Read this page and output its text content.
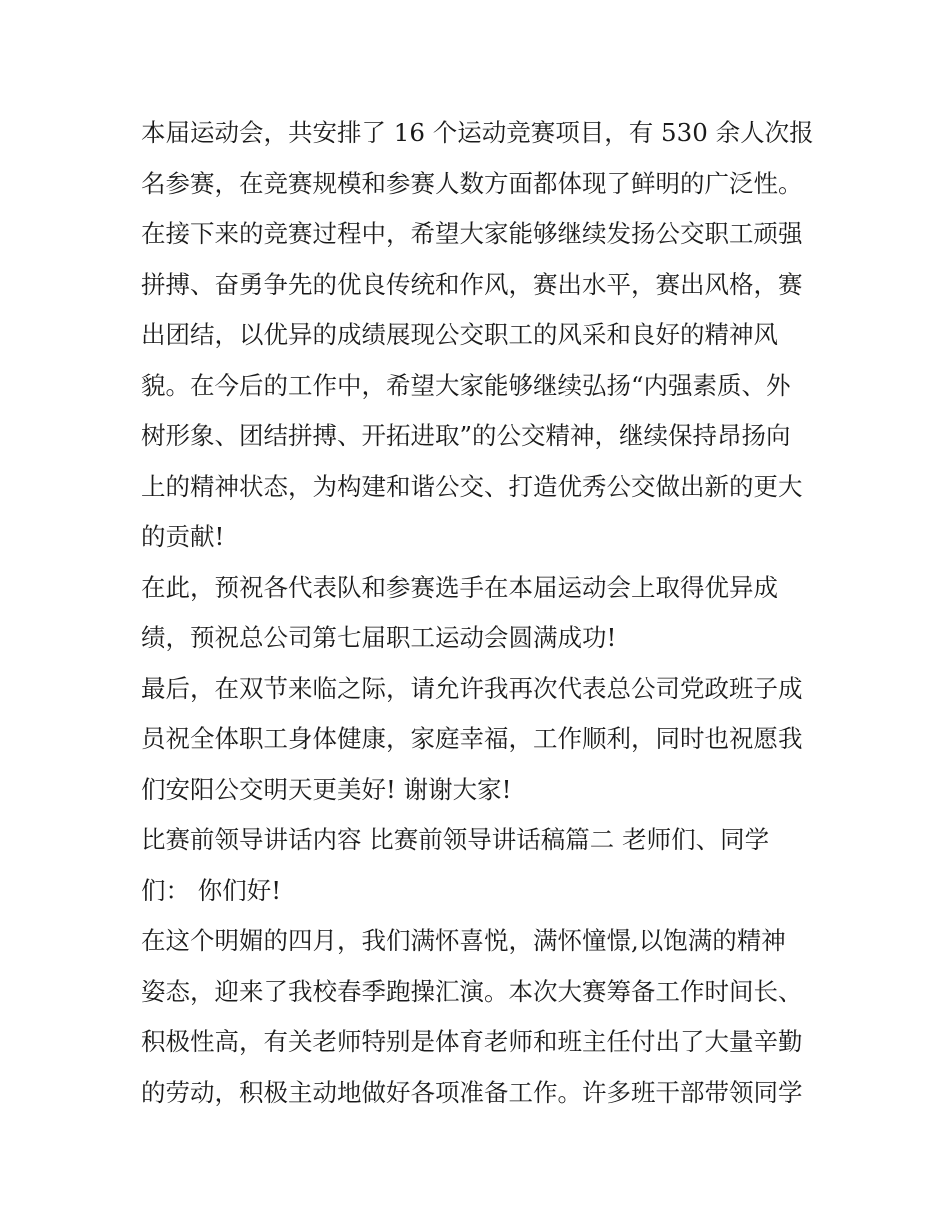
本届运动会，共安排了 16 个运动竞赛项目，有 530 余人次报
名参赛，在竞赛规模和参赛人数方面都体现了鲜明的广泛性。
在接下来的竞赛过程中，希望大家能够继续发扬公交职工顽强
拼搏、奋勇争先的优良传统和作风，赛出水平，赛出风格，赛
出团结，以优异的成绩展现公交职工的风采和良好的精神风
貌。在今后的工作中，希望大家能够继续弘扬“内强素质、外
树形象、团结拼搏、开拓进取”的公交精神，继续保持昂扬向
上的精神状态，为构建和谐公交、打造优秀公交做出新的更大
的贡献!
在此，预祝各代表队和参赛选手在本届运动会上取得优异成
绩，预祝总公司第七届职工运动会圆满成功!
最后，在双节来临之际，请允许我再次代表总公司党政班子成
员祝全体职工身体健康，家庭幸福，工作顺利，同时也祝愿我
们安阳公交明天更美好! 谢谢大家!
比赛前领导讲话内容 比赛前领导讲话稿篇二 老师们、同学
们： 你们好!
在这个明媚的四月，我们满怀喜悦，满怀憧憬,以饱满的精神
姿态，迎来了我校春季跑操汇演。本次大赛筹备工作时间长、
积极性高，有关老师特别是体育老师和班主任付出了大量辛勤
的劳动，积极主动地做好各项准备工作。许多班干部带领同学
